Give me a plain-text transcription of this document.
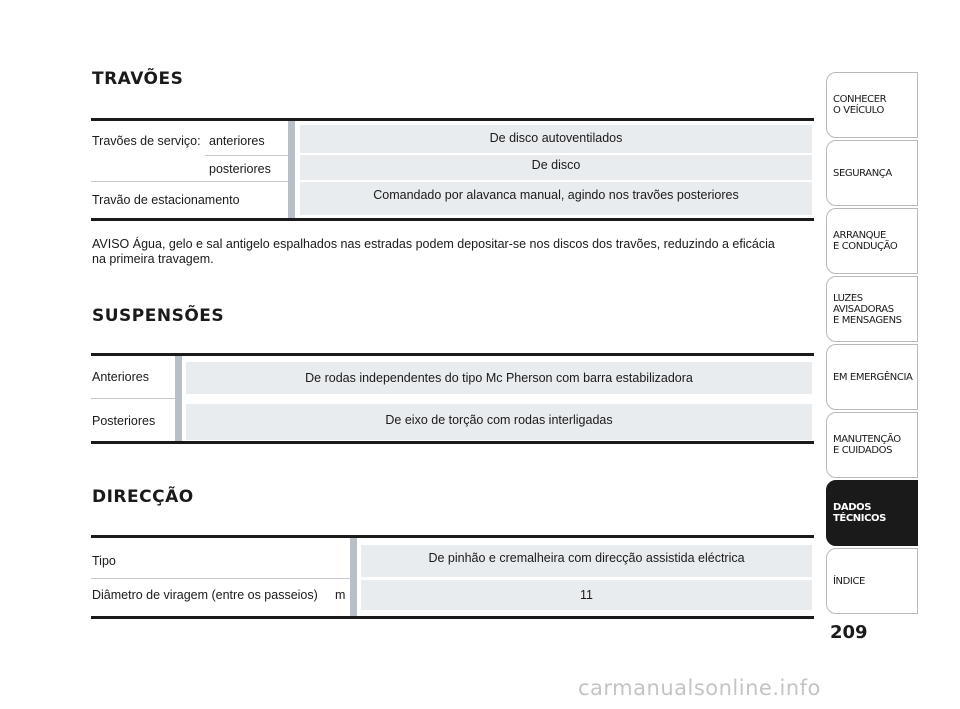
TRAVÕES
De disco autoventilados
De disco
Comandado por alavanca manual, agindo nos travões posteriores
Travões de serviço: anteriores
posteriores
Travão de estacionamento
AVISO Água, gelo e sal antigelo espalhados nas estradas podem depositar-se nos discos dos travões, reduzindo a eficácia
na primeira travagem.
SUSPENSÕES
De rodas independentes do tipo Mc Pherson com barra estabilizadora
De eixo de torção com rodas interligadas
Anteriores
Posteriores
DIRECÇÃO
De pinhão e cremalheira com direcção assistida eléctrica
11
Tipo
Diâmetro de viragem (entre os passeios) m
CONHECER
O VEÍCULO
SEGURANÇA
ARRANQUE
E CONDUÇÃO
LUZES
AVISADORAS
E MENSAGENS
EM EMERGÊNCIA
MANUTENÇÃO
E CUIDADOS
DADOS
TÉCNICOS
ÍNDICE
209
carmanualsonline.info
